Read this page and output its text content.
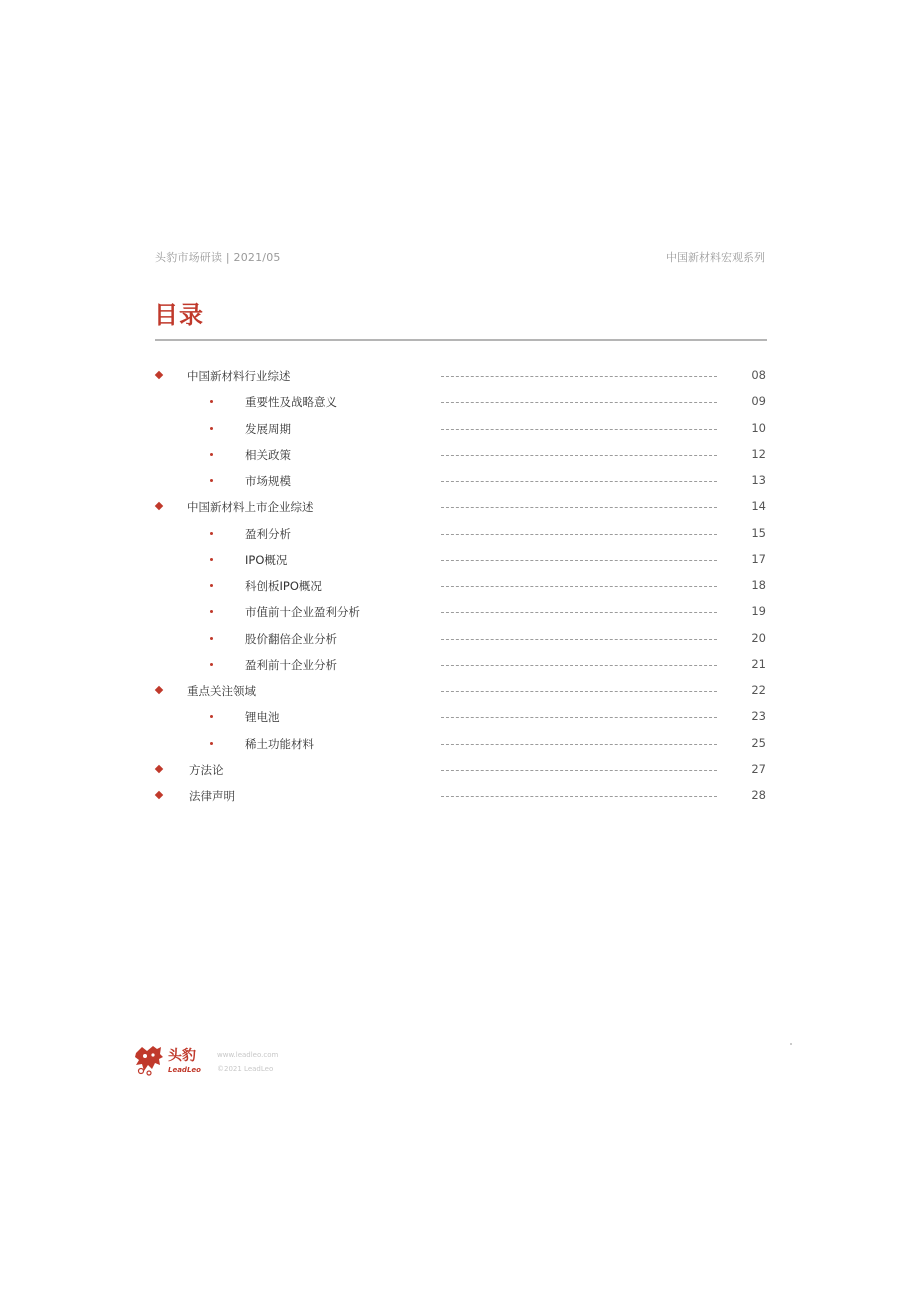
头豹市场研读 | 2021/05	中国新材料宏观系列
目录
中国新材料行业综述	08
重要性及战略意义	09
发展周期	10
相关政策	12
市场规模	13
中国新材料上市企业综述	14
盈利分析	15
IPO概况	17
科创板IPO概况	18
市值前十企业盈利分析	19
股价翻倍企业分析	20
盈利前十企业分析	21
重点关注领域	22
锂电池	23
稀土功能材料	25
方法论	27
法律声明	28
头豹
LeadLeo
www.leadleo.com
©2021 LeadLeo
